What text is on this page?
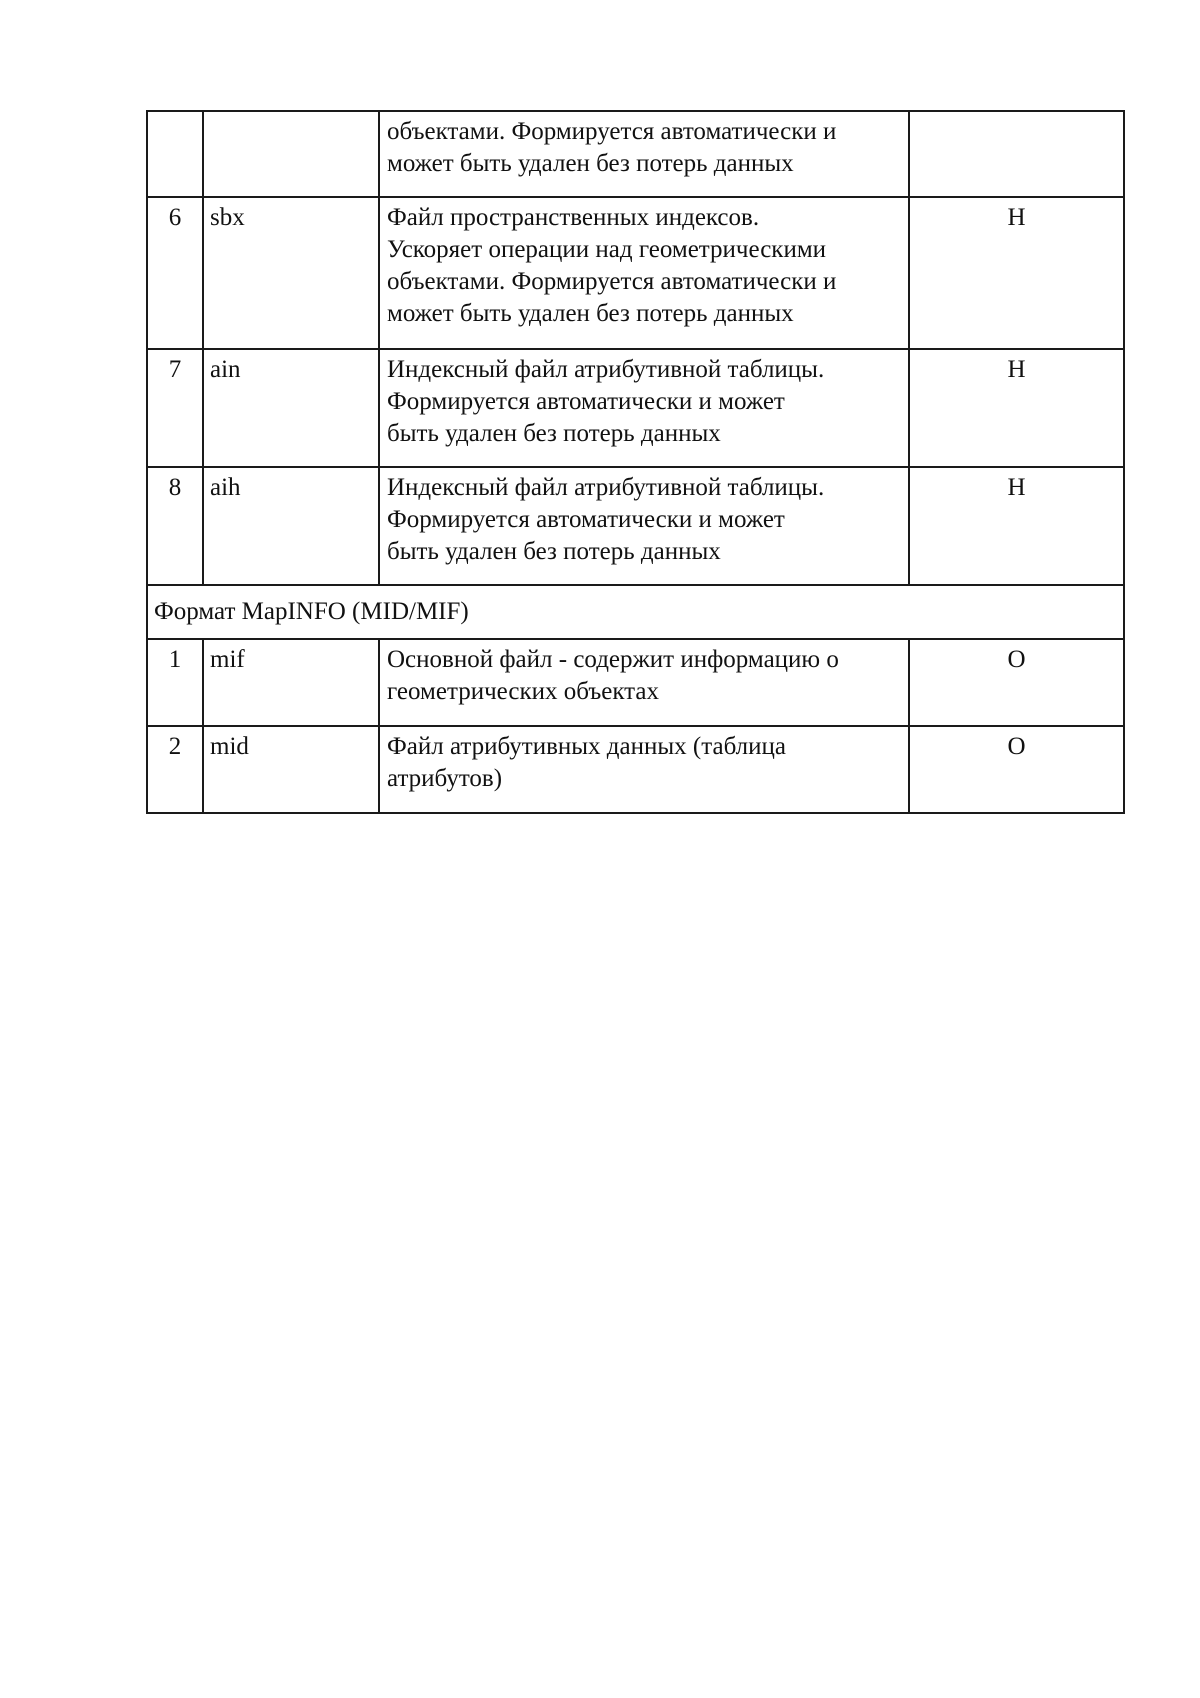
		объектами. Формируется автоматически и
может быть удален без потерь данных	

6	sbx	Файл пространственных индексов.
Ускоряет операции над геометрическими
объектами. Формируется автоматически и
может быть удален без потерь данных	Н
7	ain	Индексный файл атрибутивной таблицы.
Формируется автоматически и может
быть удален без потерь данных	Н
8	aih	Индексный файл атрибутивной таблицы.
Формируется автоматически и может
быть удален без потерь данных	Н
Формат MapINFO (MID/MIF)			
1	mif	Основной файл - содержит информацию о
геометрических объектах	О
2	mid	Файл атрибутивных данных (таблица
атрибутов)	О
